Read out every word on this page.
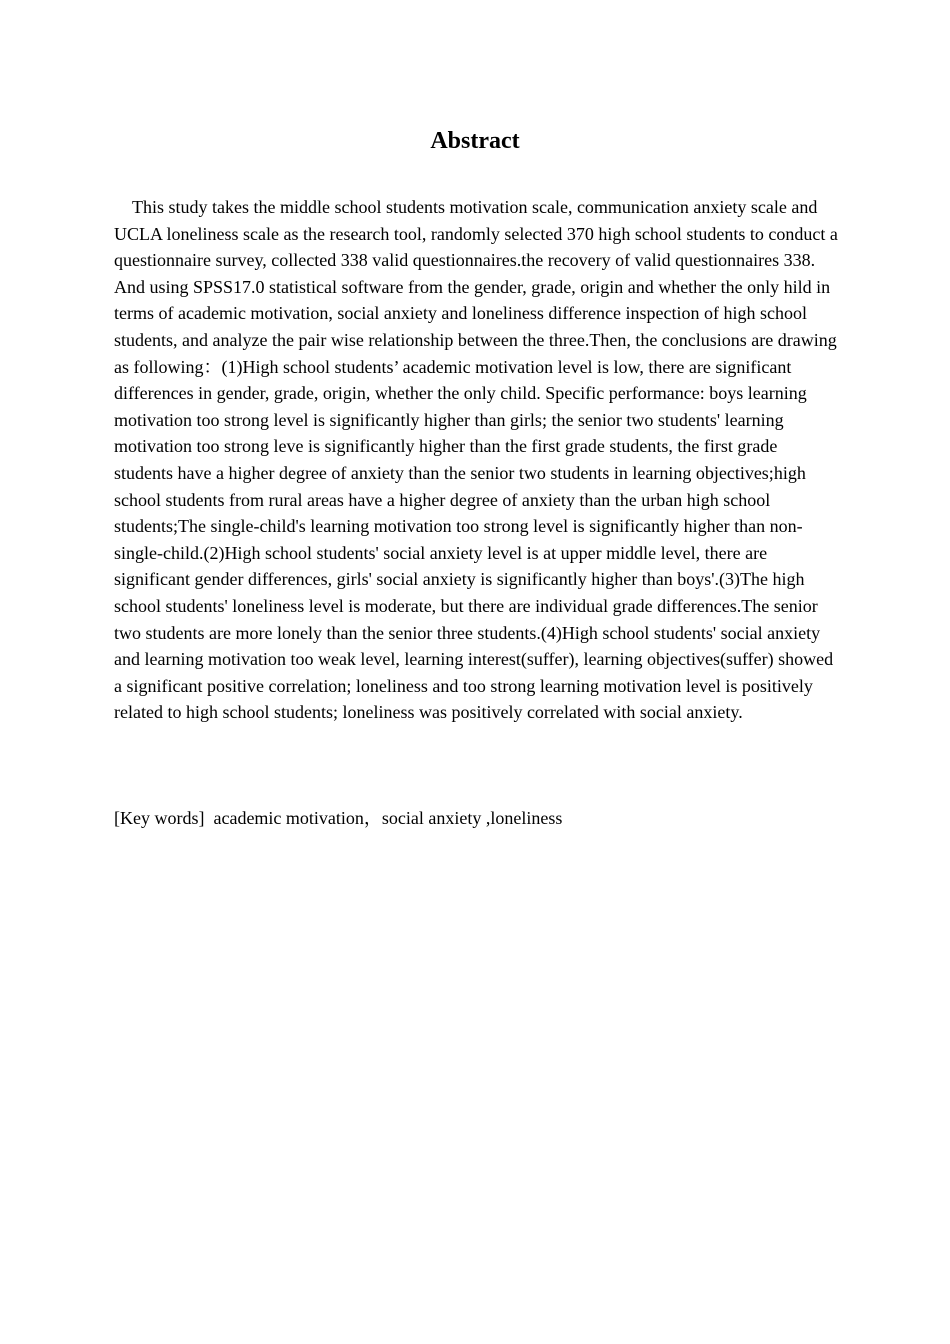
Abstract

This study takes the middle school students motivation scale, communication anxiety scale and UCLA loneliness scale as the research tool, randomly selected 370 high school students to conduct a questionnaire survey, collected 338 valid questionnaires.the recovery of valid questionnaires 338. And using SPSS17.0 statistical software from the gender, grade, origin and whether the only hild in terms of academic motivation, social anxiety and loneliness difference inspection of high school students, and analyze the pair wise relationship between the three.Then, the conclusions are drawing as following：(1)High school students’ academic motivation level is low, there are significant differences in gender, grade, origin, whether the only child. Specific performance: boys learning motivation too strong level is significantly higher than girls; the senior two students' learning motivation too strong leve is significantly higher than the first grade students, the first grade students have a higher degree of anxiety than the senior two students in learning objectives;high school students from rural areas have a higher degree of anxiety than the urban high school students;The single-child's learning motivation too strong level is significantly higher than non-single-child.(2)High school students' social anxiety level is at upper middle level, there are significant gender differences, girls' social anxiety is significantly higher than boys'.(3)The high school students' loneliness level is moderate, but there are individual grade differences.The senior two students are more lonely than the senior three students.(4)High school students' social anxiety and learning motivation too weak level, learning interest(suffer), learning objectives(suffer) showed a significant positive correlation; loneliness and too strong learning motivation level is positively related to high school students; loneliness was positively correlated with social anxiety.

[Key words]  academic motivation，social anxiety ,loneliness
